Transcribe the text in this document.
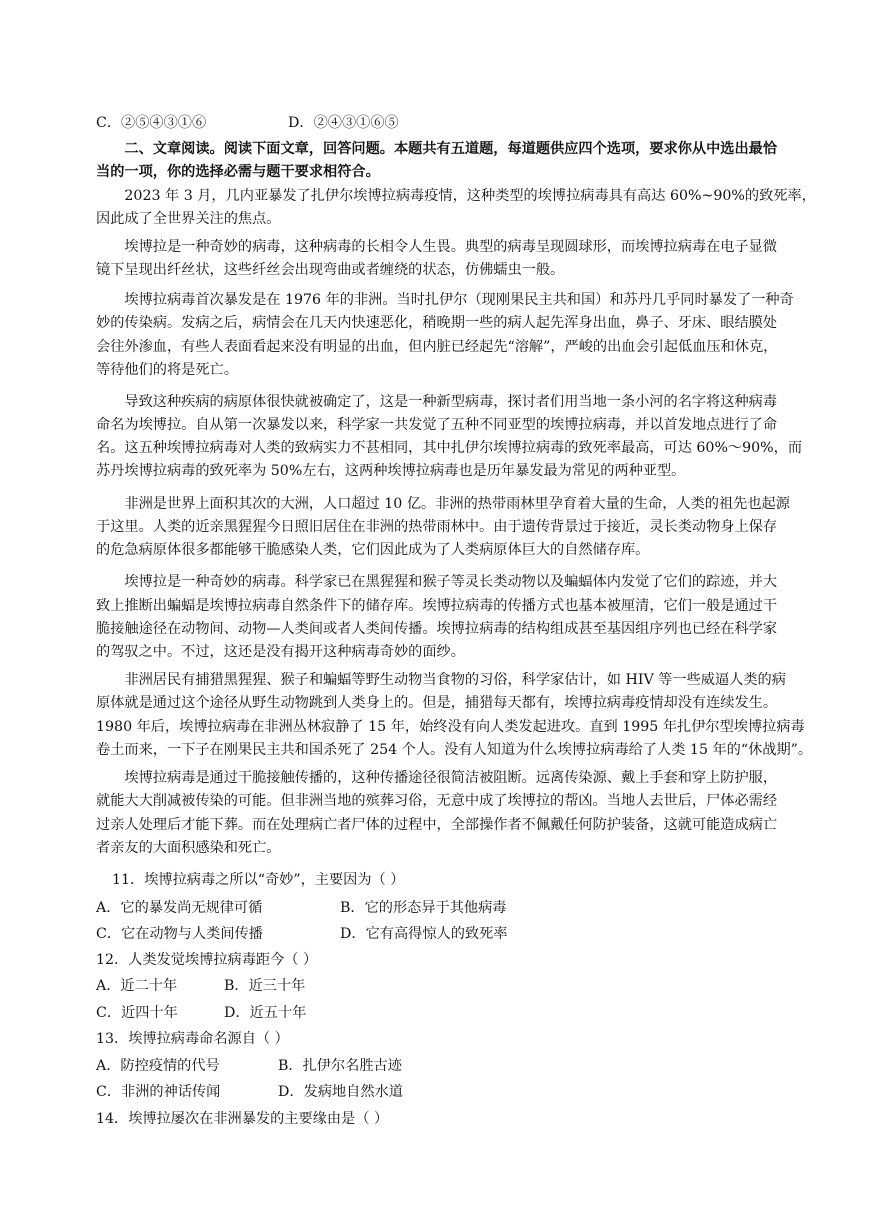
C．②⑤④③①⑥	D．②④③①⑥⑤
二、文章阅读。阅读下面文章，回答问题。本题共有五道题，每道题供应四个选项，要求你从中选出最恰
当的一项，你的选择必需与题干要求相符合。
2023 年 3 月，几内亚暴发了扎伊尔埃博拉病毒疫情，这种类型的埃博拉病毒具有高达 60%~90%的致死率，
因此成了全世界关注的焦点。
埃博拉是一种奇妙的病毒，这种病毒的长相令人生畏。典型的病毒呈现圆球形，而埃博拉病毒在电子显微
镜下呈现出纤丝状，这些纤丝会出现弯曲或者缠绕的状态，仿佛蠕虫一般。
埃博拉病毒首次暴发是在 1976 年的非洲。当时扎伊尔（现刚果民主共和国）和苏丹几乎同时暴发了一种奇
妙的传染病。发病之后，病情会在几天内快速恶化，稍晚期一些的病人起先浑身出血，鼻子、牙床、眼结膜处
会往外渗血，有些人表面看起来没有明显的出血，但内脏已经起先“溶解”，严峻的出血会引起低血压和休克，
等待他们的将是死亡。
导致这种疾病的病原体很快就被确定了，这是一种新型病毒，探讨者们用当地一条小河的名字将这种病毒
命名为埃博拉。自从第一次暴发以来，科学家一共发觉了五种不同亚型的埃博拉病毒，并以首发地点进行了命
名。这五种埃博拉病毒对人类的致病实力不甚相同，其中扎伊尔埃博拉病毒的致死率最高，可达 60%～90%，而
苏丹埃博拉病毒的致死率为 50%左右，这两种埃博拉病毒也是历年暴发最为常见的两种亚型。
非洲是世界上面积其次的大洲，人口超过 10 亿。非洲的热带雨林里孕育着大量的生命，人类的祖先也起源
于这里。人类的近亲黑猩猩今日照旧居住在非洲的热带雨林中。由于遗传背景过于接近，灵长类动物身上保存
的危急病原体很多都能够干脆感染人类，它们因此成为了人类病原体巨大的自然储存库。
埃博拉是一种奇妙的病毒。科学家已在黑猩猩和猴子等灵长类动物以及蝙蝠体内发觉了它们的踪迹，并大
致上推断出蝙蝠是埃博拉病毒自然条件下的储存库。埃博拉病毒的传播方式也基本被厘清，它们一般是通过干
脆接触途径在动物间、动物—人类间或者人类间传播。埃博拉病毒的结构组成甚至基因组序列也已经在科学家
的驾驭之中。不过，这还是没有揭开这种病毒奇妙的面纱。
非洲居民有捕猎黑猩猩、猴子和蝙蝠等野生动物当食物的习俗，科学家估计，如 HIV 等一些威逼人类的病
原体就是通过这个途径从野生动物跳到人类身上的。但是，捕猎每天都有，埃博拉病毒疫情却没有连续发生。
1980 年后，埃博拉病毒在非洲丛林寂静了 15 年，始终没有向人类发起进攻。直到 1995 年扎伊尔型埃博拉病毒
卷土而来，一下子在刚果民主共和国杀死了 254 个人。没有人知道为什么埃博拉病毒给了人类 15 年的“休战期”。
埃博拉病毒是通过干脆接触传播的，这种传播途径很简洁被阻断。远离传染源、戴上手套和穿上防护服，
就能大大削减被传染的可能。但非洲当地的殡葬习俗，无意中成了埃博拉的帮凶。当地人去世后，尸体必需经
过亲人处理后才能下葬。而在处理病亡者尸体的过程中，全部操作者不佩戴任何防护装备，这就可能造成病亡
者亲友的大面积感染和死亡。
11．埃博拉病毒之所以“奇妙”，主要因为（ ）
A．它的暴发尚无规律可循	B．它的形态异于其他病毒
C．它在动物与人类间传播	D．它有高得惊人的致死率
12．人类发觉埃博拉病毒距今（ ）
A．近二十年	B．近三十年
C．近四十年	D．近五十年
13．埃博拉病毒命名源自（ ）
A．防控疫情的代号	B．扎伊尔名胜古迹
C．非洲的神话传闻	D．发病地自然水道
14．埃博拉屡次在非洲暴发的主要缘由是（ ）
